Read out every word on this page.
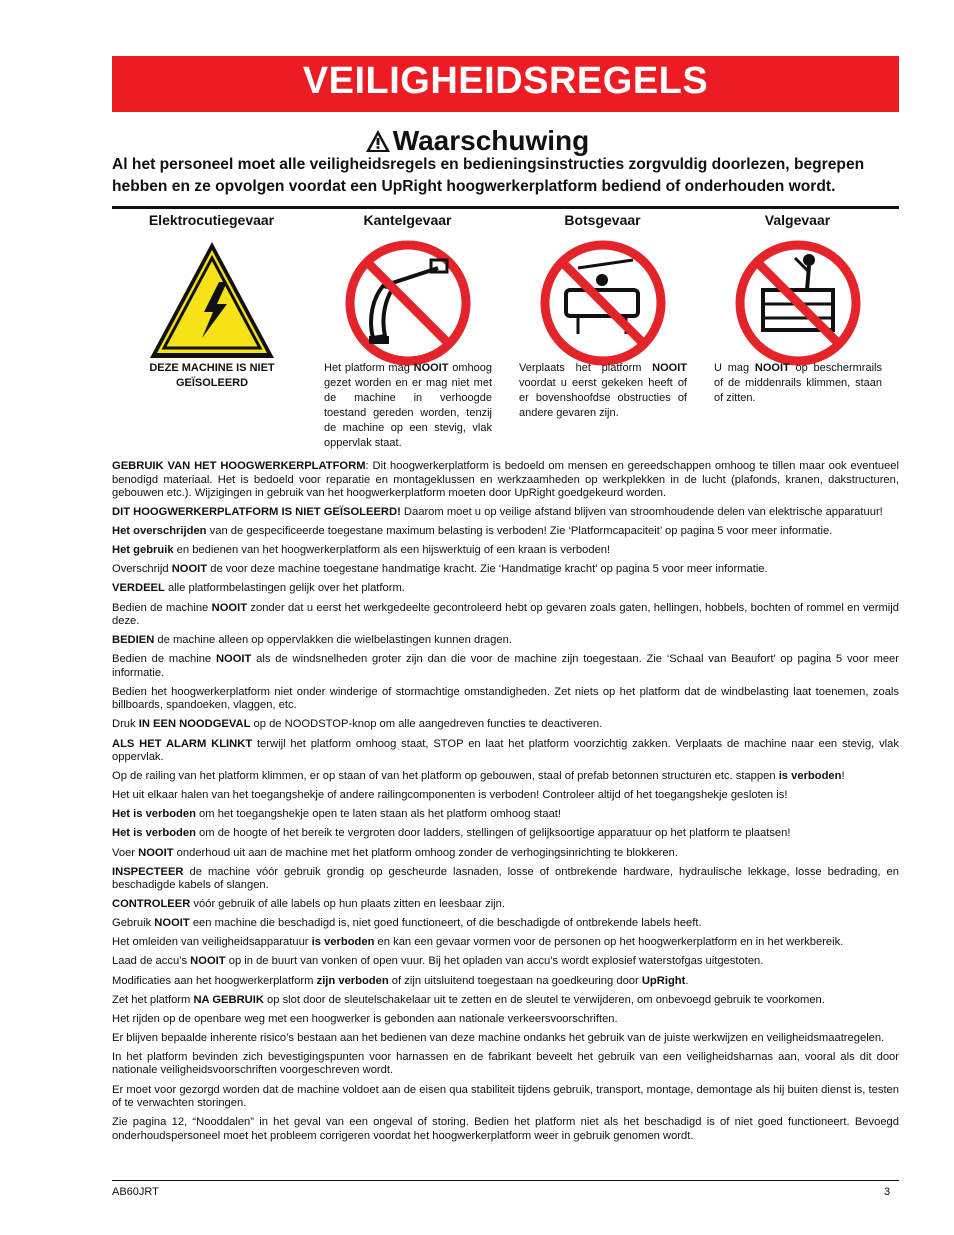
VEILIGHEIDSREGELS
Waarschuwing
Al het personeel moet alle veiligheidsregels en bedieningsinstructies zorgvuldig doorlezen, begrepen hebben en ze opvolgen voordat een UpRight hoogwerkerplatform bediend of onderhouden wordt.
Elektrocutiegevaar	Kantelgevaar	Botsgevaar	Valgevaar
DEZE MACHINE IS NIET GEÏSOLEERD
Het platform mag NOOIT omhoog gezet worden en er mag niet met de machine in verhoogde toestand gereden worden, tenzij de machine op een stevig, vlak oppervlak staat.
Verplaats het platform NOOIT voordat u eerst gekeken heeft of er bovenshoofdse obstructies of andere gevaren zijn.
U mag NOOIT op beschermrails of de middenrails klimmen, staan of zitten.

GEBRUIK VAN HET HOOGWERKERPLATFORM: Dit hoogwerkerplatform is bedoeld om mensen en gereedschappen omhoog te tillen maar ook eventueel benodigd materiaal. Het is bedoeld voor reparatie en montageklussen en werkzaamheden op werkplekken in de lucht (plafonds, kranen, dakstructuren, gebouwen etc.). Wijzigingen in gebruik van het hoogwerkerplatform moeten door UpRight goedgekeurd worden.

DIT HOOGWERKERPLATFORM IS NIET GEÏSOLEERD! Daarom moet u op veilige afstand blijven van stroomhoudende delen van elektrische apparatuur!

Het overschrijden van de gespecificeerde toegestane maximum belasting is verboden! Zie ‘Platformcapaciteit’ op pagina 5 voor meer informatie.

Het gebruik en bedienen van het hoogwerkerplatform als een hijswerktuig of een kraan is verboden!

Overschrijd NOOIT de voor deze machine toegestane handmatige kracht. Zie ‘Handmatige kracht’ op pagina 5 voor meer informatie.

VERDEEL alle platformbelastingen gelijk over het platform.

Bedien de machine NOOIT zonder dat u eerst het werkgedeelte gecontroleerd hebt op gevaren zoals gaten, hellingen, hobbels, bochten of rommel en vermijd deze.

BEDIEN de machine alleen op oppervlakken die wielbelastingen kunnen dragen.

Bedien de machine NOOIT als de windsnelheden groter zijn dan die voor de machine zijn toegestaan. Zie ‘Schaal van Beaufort’ op pagina 5 voor meer informatie.

Bedien het hoogwerkerplatform niet onder winderige of stormachtige omstandigheden. Zet niets op het platform dat de windbelasting laat toenemen, zoals billboards, spandoeken, vlaggen, etc.

Druk IN EEN NOODGEVAL op de NOODSTOP-knop om alle aangedreven functies te deactiveren.

ALS HET ALARM KLINKT terwijl het platform omhoog staat, STOP en laat het platform voorzichtig zakken. Verplaats de machine naar een stevig, vlak oppervlak.

Op de railing van het platform klimmen, er op staan of van het platform op gebouwen, staal of prefab betonnen structuren etc. stappen is verboden!

Het uit elkaar halen van het toegangshekje of andere railingcomponenten is verboden! Controleer altijd of het toegangshekje gesloten is!

Het is verboden om het toegangshekje open te laten staan als het platform omhoog staat!

Het is verboden om de hoogte of het bereik te vergroten door ladders, stellingen of gelijksoortige apparatuur op het platform te plaatsen!

Voer NOOIT onderhoud uit aan de machine met het platform omhoog zonder de verhogingsinrichting te blokkeren.

INSPECTEER de machine vóór gebruik grondig op gescheurde lasnaden, losse of ontbrekende hardware, hydraulische lekkage, losse bedrading, en beschadigde kabels of slangen.

CONTROLEER vóór gebruik of alle labels op hun plaats zitten en leesbaar zijn.

Gebruik NOOIT een machine die beschadigd is, niet goed functioneert, of die beschadigde of ontbrekende labels heeft.

Het omleiden van veiligheidsapparatuur is verboden en kan een gevaar vormen voor de personen op het hoogwerkerplatform en in het werkbereik.

Laad de accu’s NOOIT op in de buurt van vonken of open vuur. Bij het opladen van accu’s wordt explosief waterstofgas uitgestoten.

Modificaties aan het hoogwerkerplatform zijn verboden of zijn uitsluitend toegestaan na goedkeuring door UpRight.

Zet het platform NA GEBRUIK op slot door de sleutelschakelaar uit te zetten en de sleutel te verwijderen, om onbevoegd gebruik te voorkomen.

Het rijden op de openbare weg met een hoogwerker is gebonden aan nationale verkeersvoorschriften.

Er blijven bepaalde inherente risico’s bestaan aan het bedienen van deze machine ondanks het gebruik van de juiste werkwijzen en veiligheidsmaatregelen.

In het platform bevinden zich bevestigingspunten voor harnassen en de fabrikant beveelt het gebruik van een veiligheidsharnas aan, vooral als dit door nationale veiligheidsvoorschriften voorgeschreven wordt.

Er moet voor gezorgd worden dat de machine voldoet aan de eisen qua stabiliteit tijdens gebruik, transport, montage, demontage als hij buiten dienst is, testen of te verwachten storingen.

Zie pagina 12, “Nooddalen” in het geval van een ongeval of storing. Bedien het platform niet als het beschadigd is of niet goed functioneert. Bevoegd onderhoudspersoneel moet het probleem corrigeren voordat het hoogwerkerplatform weer in gebruik genomen wordt.

AB60JRT	3
